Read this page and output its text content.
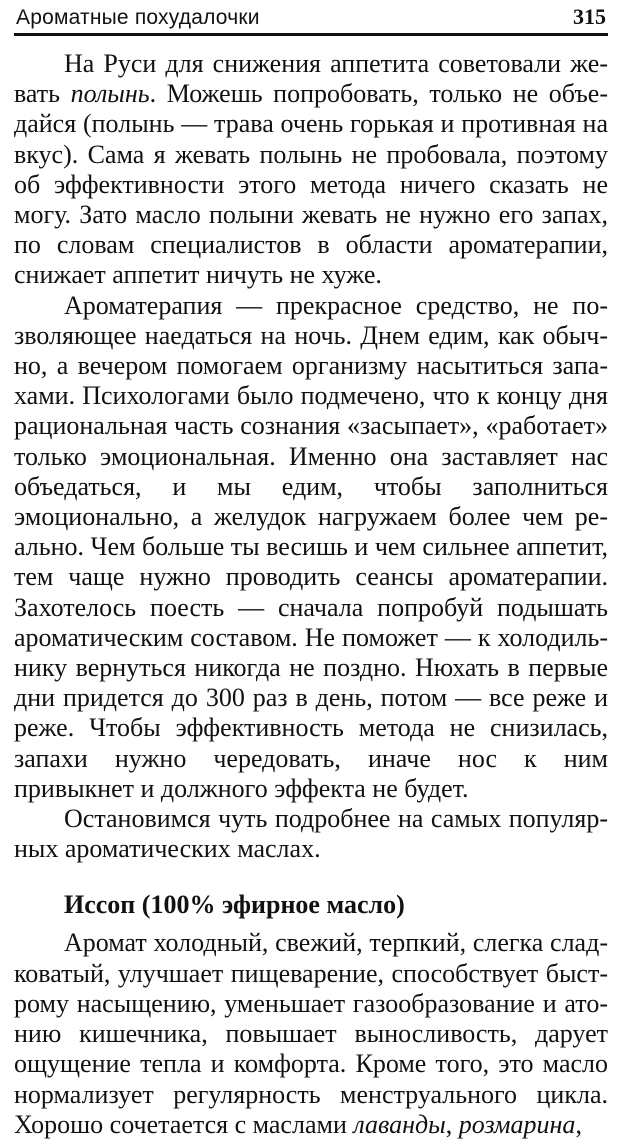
Ароматные похудалочки	315

На Руси для снижения аппетита советовали жевать полынь. Можешь попробовать, только не объедайся (полынь — трава очень горькая и противная на вкус). Сама я жевать полынь не пробовала, поэтому об эффективности этого метода ничего сказать не могу. Зато масло полыни жевать не нужно его запах, по словам специалистов в области ароматерапии, снижает аппетит ничуть не хуже.

Ароматерапия — прекрасное средство, не позволяющее наедаться на ночь. Днем едим, как обычно, а вечером помогаем организму насытиться запахами. Психологами было подмечено, что к концу дня рациональная часть сознания «засыпает», «работает» только эмоциональная. Именно она заставляет нас объедаться, и мы едим, чтобы заполниться эмоционально, а желудок нагружаем более чем реально. Чем больше ты весишь и чем сильнее аппетит, тем чаще нужно проводить сеансы ароматерапии. Захотелось поесть — сначала попробуй подышать ароматическим составом. Не поможет — к холодильнику вернуться никогда не поздно. Нюхать в первые дни придется до 300 раз в день, потом — все реже и реже. Чтобы эффективность метода не снизилась, запахи нужно чередовать, иначе нос к ним привыкнет и должного эффекта не будет.

Остановимся чуть подробнее на самых популярных ароматических маслах.

Иссоп (100% эфирное масло)

Аромат холодный, свежий, терпкий, слегка сладковатый, улучшает пищеварение, способствует быстрому насыщению, уменьшает газообразование и атонию кишечника, повышает выносливость, дарует ощущение тепла и комфорта. Кроме того, это масло нормализует регулярность менструального цикла. Хорошо сочетается с маслами лаванды, розмарина,
